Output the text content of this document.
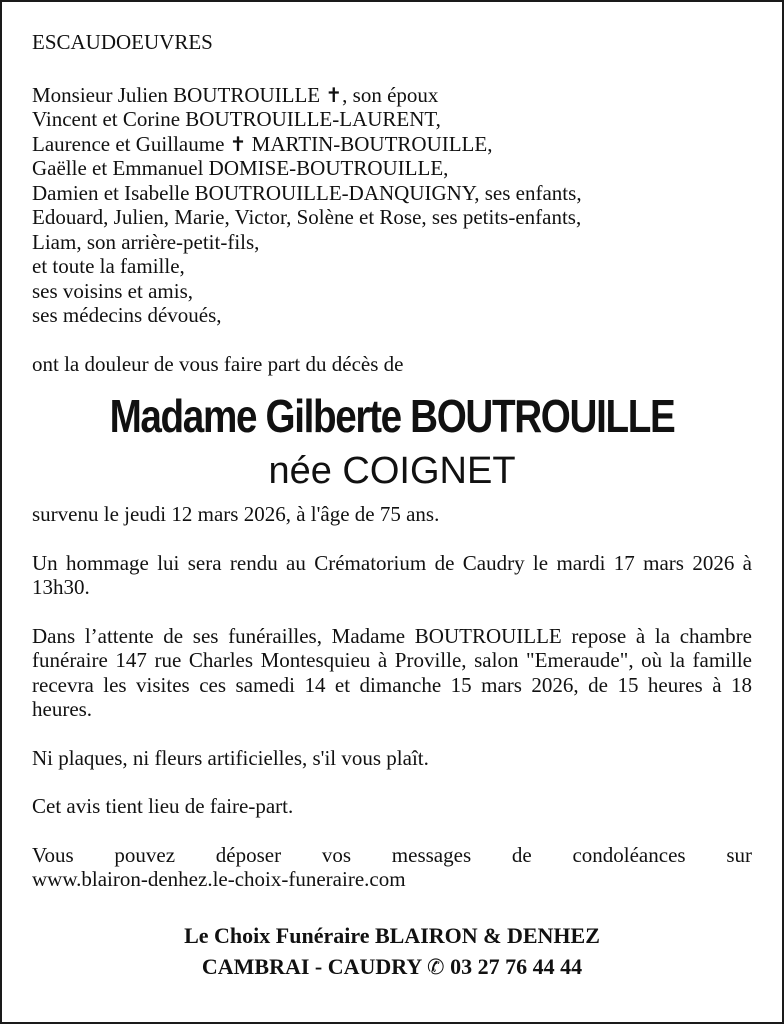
ESCAUDOEUVRES
Monsieur Julien BOUTROUILLE ✝, son époux
Vincent et Corine BOUTROUILLE-LAURENT,
Laurence et Guillaume ✝ MARTIN-BOUTROUILLE,
Gaëlle et Emmanuel DOMISE-BOUTROUILLE,
Damien et Isabelle BOUTROUILLE-DANQUIGNY, ses enfants,
Edouard, Julien, Marie, Victor, Solène et Rose, ses petits-enfants,
Liam, son arrière-petit-fils,
et toute la famille,
ses voisins et amis,
ses médecins dévoués,
ont la douleur de vous faire part du décès de
Madame Gilberte BOUTROUILLE
née COIGNET
survenu le jeudi 12 mars 2026, à l'âge de 75 ans.
Un hommage lui sera rendu au Crématorium de Caudry le mardi 17 mars 2026 à 13h30.
Dans l’attente de ses funérailles, Madame BOUTROUILLE repose à la chambre funéraire 147 rue Charles Montesquieu à Proville, salon "Emeraude", où la famille recevra les visites ces samedi 14 et dimanche 15 mars 2026, de 15 heures à 18 heures.
Ni plaques, ni fleurs artificielles, s'il vous plaît.
Cet avis tient lieu de faire-part.
Vous pouvez déposer vos messages de condoléances sur
www.blairon-denhez.le-choix-funeraire.com
Le Choix Funéraire BLAIRON & DENHEZ
CAMBRAI - CAUDRY ✆ 03 27 76 44 44
